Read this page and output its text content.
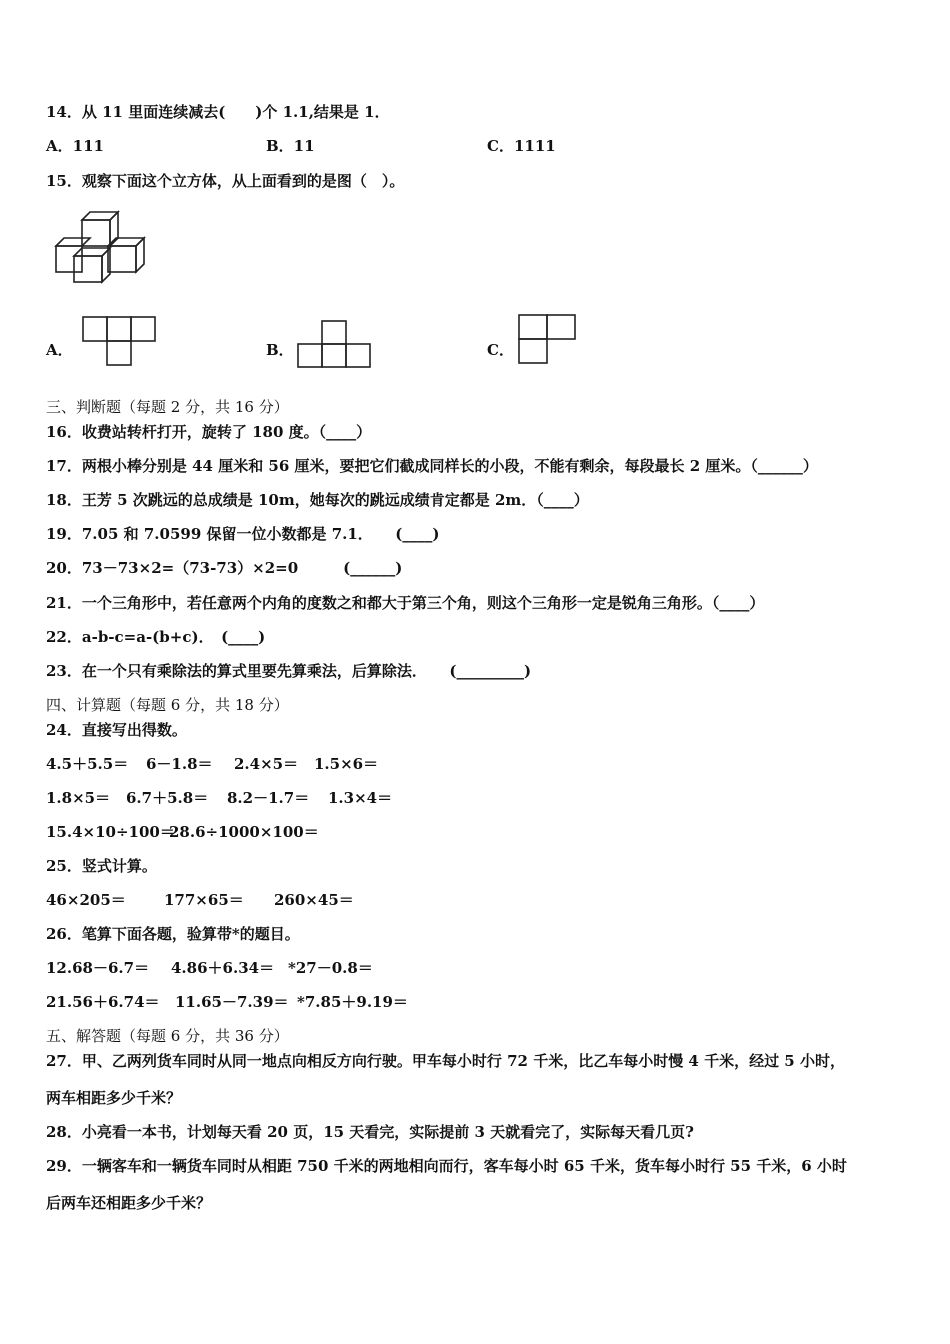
14．从 11 里面连续减去(　　)个 1.1,结果是 1．
A．111	B．11	C．1111
15．观察下面这个立方体，从上面看到的是图（　）。
A．	B．	C．
三、判断题（每题 2 分，共 16 分）
16．收费站转杆打开，旋转了 180 度。（____）
17．两根小棒分别是 44 厘米和 56 厘米，要把它们截成同样长的小段，不能有剩余，每段最长 2 厘米。（______）
18．王芳 5 次跳远的总成绩是 10m，她每次的跳远成绩肯定都是 2m．（____）
19．7.05 和 7.0599 保留一位小数都是 7.1．　　(____)
20．73－73×2=（73-73）×2=0　　　(______)
21．一个三角形中，若任意两个内角的度数之和都大于第三个角，则这个三角形一定是锐角三角形。（____）
22．a-b-c=a-(b+c)．　(____)
23．在一个只有乘除法的算式里要先算乘法，后算除法．　　(_________)
四、计算题（每题 6 分，共 18 分）
24．直接写出得数。
4.5＋5.5＝ 6－1.8＝ 2.4×5＝ 1.5×6＝
1.8×5＝ 6.7＋5.8＝ 8.2－1.7＝ 1.3×4＝
15.4×10÷100＝28.6÷1000×100＝
25．竖式计算。
46×205＝	177×65＝ 260×45＝
26．笔算下面各题，验算带*的题目。
12.68－6.7＝ 4.86＋6.34＝ *27－0.8＝
21.56＋6.74＝ 11.65－7.39＝ *7.85＋9.19＝
五、解答题（每题 6 分，共 36 分）
27．甲、乙两列货车同时从同一地点向相反方向行驶。甲车每小时行 72 千米，比乙车每小时慢 4 千米，经过 5 小时，
两车相距多少千米？
28．小亮看一本书，计划每天看 20 页，15 天看完，实际提前 3 天就看完了，实际每天看几页?
29．一辆客车和一辆货车同时从相距 750 千米的两地相向而行，客车每小时 65 千米，货车每小时行 55 千米，6 小时
后两车还相距多少千米？
